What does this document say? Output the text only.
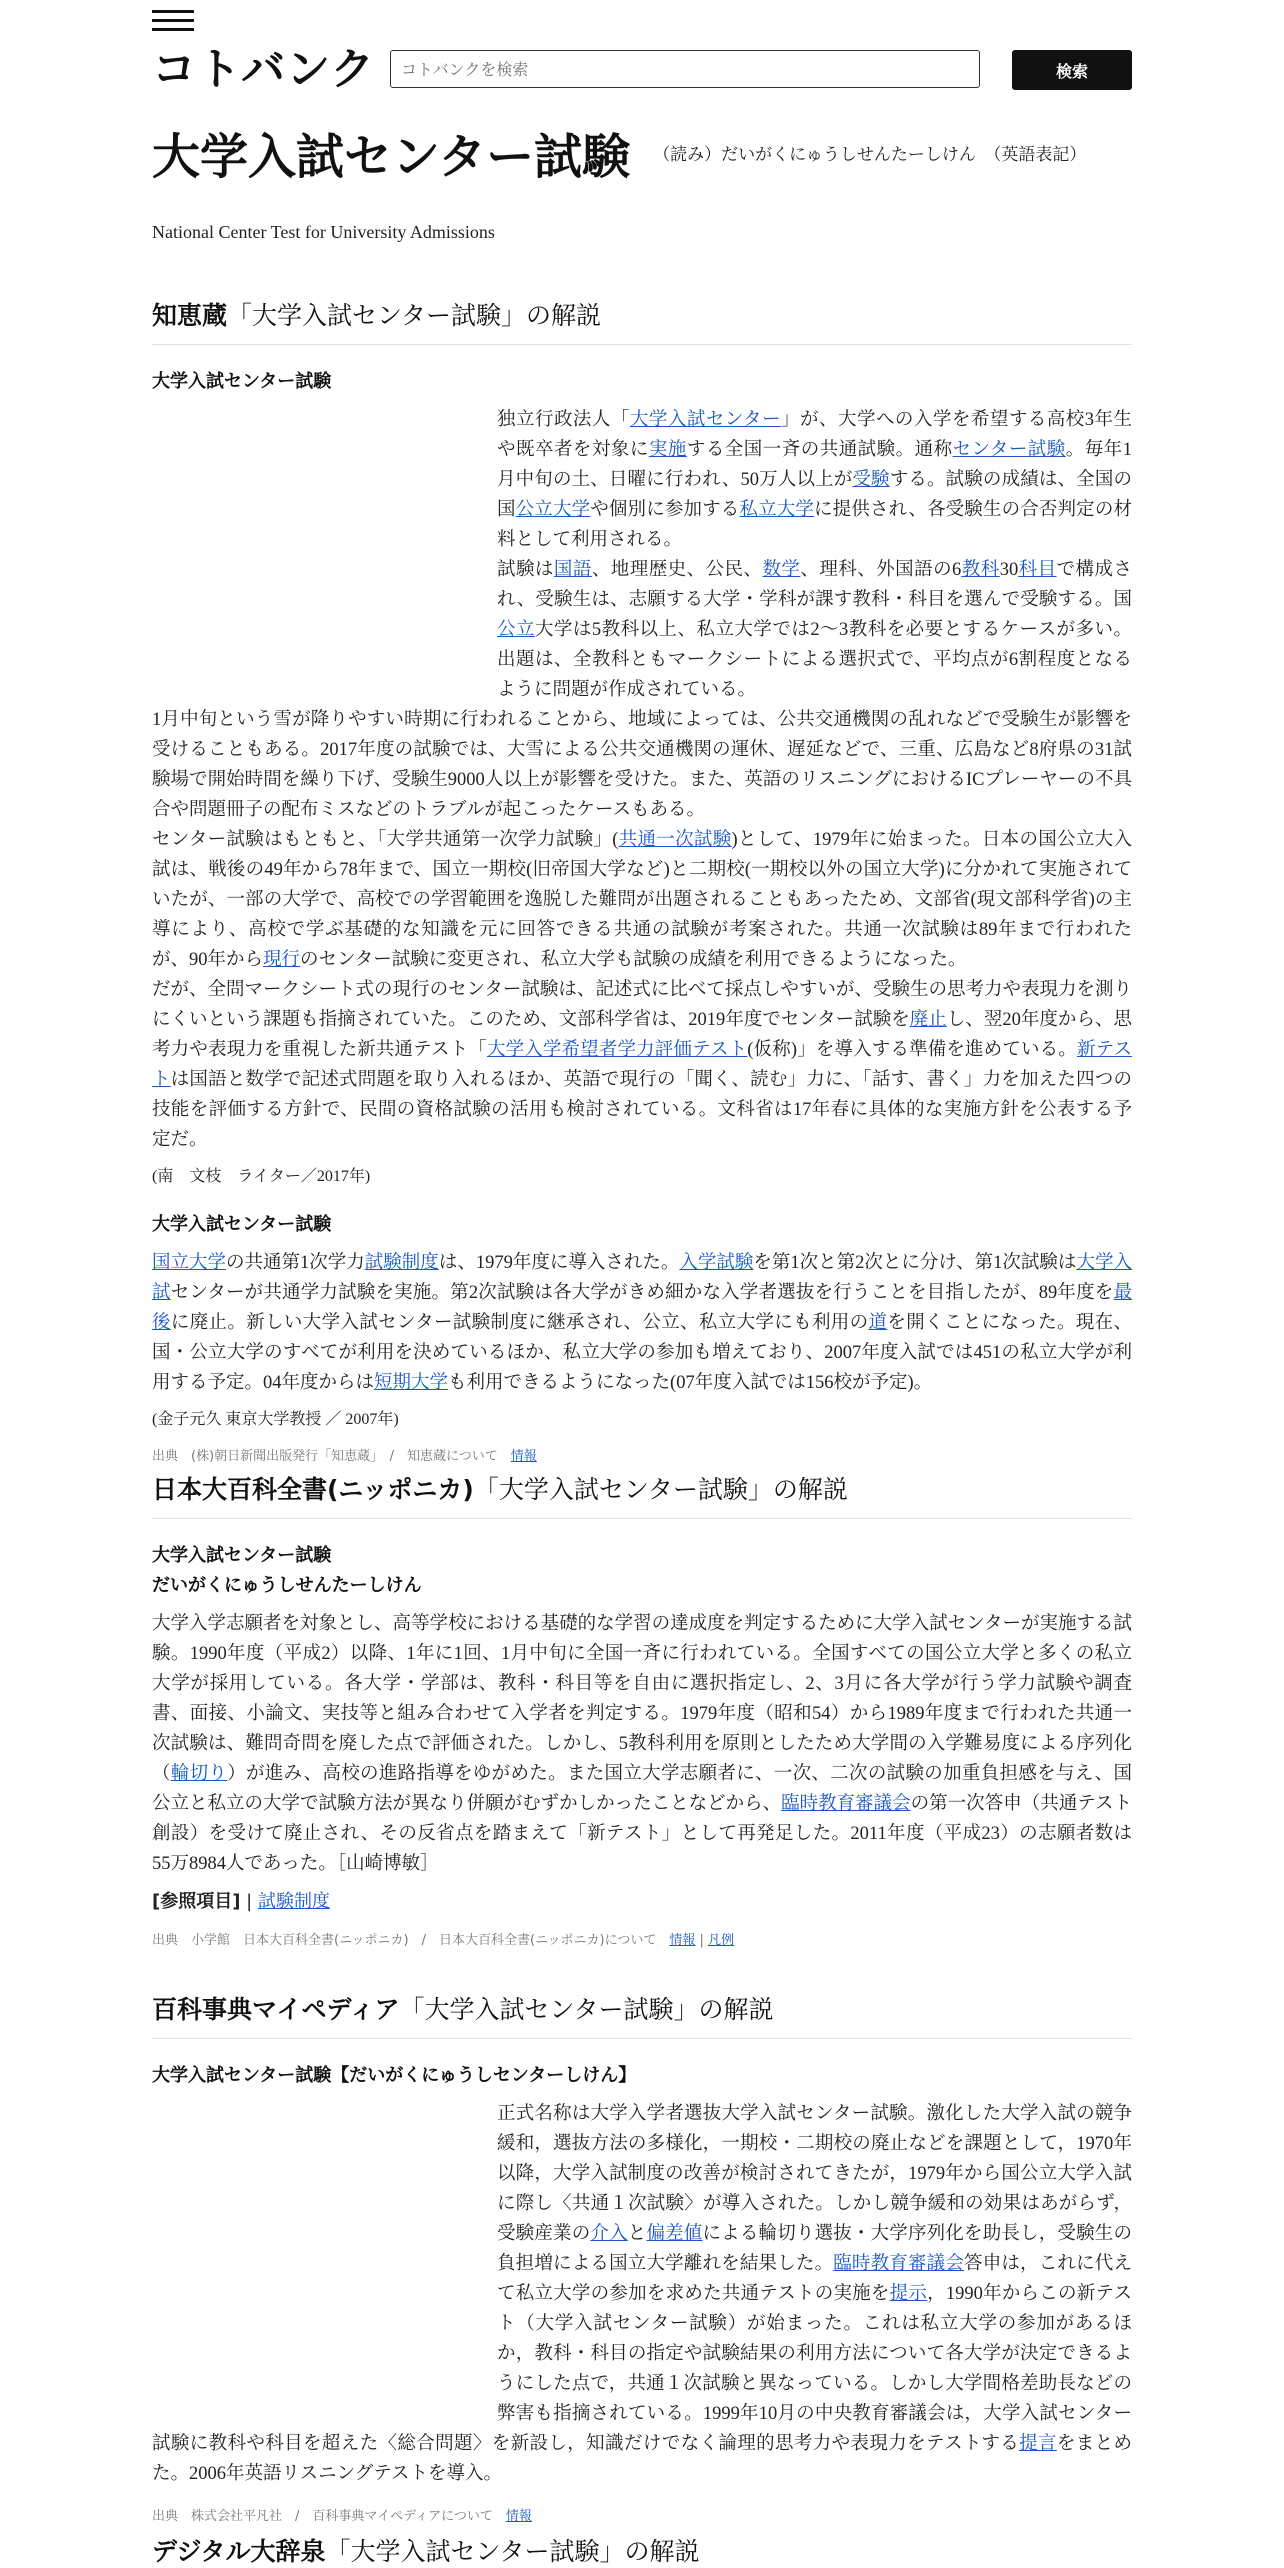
コトバンク
コトバンクを検索	検索
大学入試センター試験 （読み）だいがくにゅうしせんたーしけん　（英語表記）
National Center Test for University Admissions
知恵蔵「大学入試センター試験」の解説
大学入試センター試験
独立行政法人「大学入試センター」が、大学への入学を希望する高校3年生や既卒者を対象に実施する全国一斉の共通試験。通称センター試験。毎年1月中旬の土、日曜に行われ、50万人以上が受験する。試験の成績は、全国の国公立大学や個別に参加する私立大学に提供され、各受験生の合否判定の材料として利用される。
試験は国語、地理歴史、公民、数学、理科、外国語の6教科30科目で構成され、受験生は、志願する大学・学科が課す教科・科目を選んで受験する。国公立大学は5教科以上、私立大学では2～3教科を必要とするケースが多い。出題は、全教科ともマークシートによる選択式で、平均点が6割程度となるように問題が作成されている。
1月中旬という雪が降りやすい時期に行われることから、地域によっては、公共交通機関の乱れなどで受験生が影響を受けることもある。2017年度の試験では、大雪による公共交通機関の運休、遅延などで、三重、広島など8府県の31試験場で開始時間を繰り下げ、受験生9000人以上が影響を受けた。また、英語のリスニングにおけるICプレーヤーの不具合や問題冊子の配布ミスなどのトラブルが起こったケースもある。
センター試験はもともと、「大学共通第一次学力試験」(共通一次試験)として、1979年に始まった。日本の国公立大入試は、戦後の49年から78年まで、国立一期校(旧帝国大学など)と二期校(一期校以外の国立大学)に分かれて実施されていたが、一部の大学で、高校での学習範囲を逸脱した難問が出題されることもあったため、文部省(現文部科学省)の主導により、高校で学ぶ基礎的な知識を元に回答できる共通の試験が考案された。共通一次試験は89年まで行われたが、90年から現行のセンター試験に変更され、私立大学も試験の成績を利用できるようになった。
だが、全問マークシート式の現行のセンター試験は、記述式に比べて採点しやすいが、受験生の思考力や表現力を測りにくいという課題も指摘されていた。このため、文部科学省は、2019年度でセンター試験を廃止し、翌20年度から、思考力や表現力を重視した新共通テスト「大学入学希望者学力評価テスト(仮称)」を導入する準備を進めている。新テストは国語と数学で記述式問題を取り入れるほか、英語で現行の「聞く、読む」力に、「話す、書く」力を加えた四つの技能を評価する方針で、民間の資格試験の活用も検討されている。文科省は17年春に具体的な実施方針を公表する予定だ。
(南　文枝　ライター／2017年)
大学入試センター試験
国立大学の共通第1次学力試験制度は、1979年度に導入された。入学試験を第1次と第2次とに分け、第1次試験は大学入試センターが共通学力試験を実施。第2次試験は各大学がきめ細かな入学者選抜を行うことを目指したが、89年度を最後に廃止。新しい大学入試センター試験制度に継承され、公立、私立大学にも利用の道を開くことになった。現在、国・公立大学のすべてが利用を決めているほか、私立大学の参加も増えており、2007年度入試では451の私立大学が利用する予定。04年度からは短期大学も利用できるようになった(07年度入試では156校が予定)。
(金子元久 東京大学教授 ／ 2007年)
出典　(株)朝日新聞出版発行「知恵蔵」　/　知恵蔵について　 情報
日本大百科全書(ニッポニカ)「大学入試センター試験」の解説
大学入試センター試験
だいがくにゅうしせんたーしけん
大学入学志願者を対象とし、高等学校における基礎的な学習の達成度を判定するために大学入試センターが実施する試験。1990年度（平成2）以降、1年に1回、1月中旬に全国一斉に行われている。全国すべての国公立大学と多くの私立大学が採用している。各大学・学部は、教科・科目等を自由に選択指定し、2、3月に各大学が行う学力試験や調査書、面接、小論文、実技等と組み合わせて入学者を判定する。1979年度（昭和54）から1989年度まで行われた共通一次試験は、難問奇問を廃した点で評価された。しかし、5教科利用を原則としたため大学間の入学難易度による序列化（輪切り）が進み、高校の進路指導をゆがめた。また国立大学志願者に、一次、二次の試験の加重負担感を与え、国公立と私立の大学で試験方法が異なり併願がむずかしかったことなどから、臨時教育審議会の第一次答申（共通テスト創設）を受けて廃止され、その反省点を踏まえて「新テスト」として再発足した。2011年度（平成23）の志願者数は55万8984人であった。［山崎博敏］
[参照項目] | 試験制度
出典　小学館　日本大百科全書(ニッポニカ)　/　日本大百科全書(ニッポニカ)について　 情報 | 凡例
百科事典マイペディア「大学入試センター試験」の解説
大学入試センター試験【だいがくにゅうしセンターしけん】
正式名称は大学入学者選抜大学入試センター試験。激化した大学入試の競争緩和，選抜方法の多様化，一期校・二期校の廃止などを課題として，1970年以降，大学入試制度の改善が検討されてきたが，1979年から国公立大学入試に際し〈共通１次試験〉が導入された。しかし競争緩和の効果はあがらず，受験産業の介入と偏差値による輪切り選抜・大学序列化を助長し，受験生の負担増による国立大学離れを結果した。臨時教育審議会答申は，これに代えて私立大学の参加を求めた共通テストの実施を提示，1990年からこの新テスト（大学入試センター試験）が始まった。これは私立大学の参加があるほか，教科・科目の指定や試験結果の利用方法について各大学が決定できるようにした点で，共通１次試験と異なっている。しかし大学間格差助長などの弊害も指摘されている。1999年10月の中央教育審議会は，大学入試センター試験に教科や科目を超えた〈総合問題〉を新設し，知識だけでなく論理的思考力や表現力をテストする提言をまとめた。2006年英語リスニングテストを導入。
出典　株式会社平凡社　/　百科事典マイペディアについて　 情報
デジタル大辞泉「大学入試センター試験」の解説
